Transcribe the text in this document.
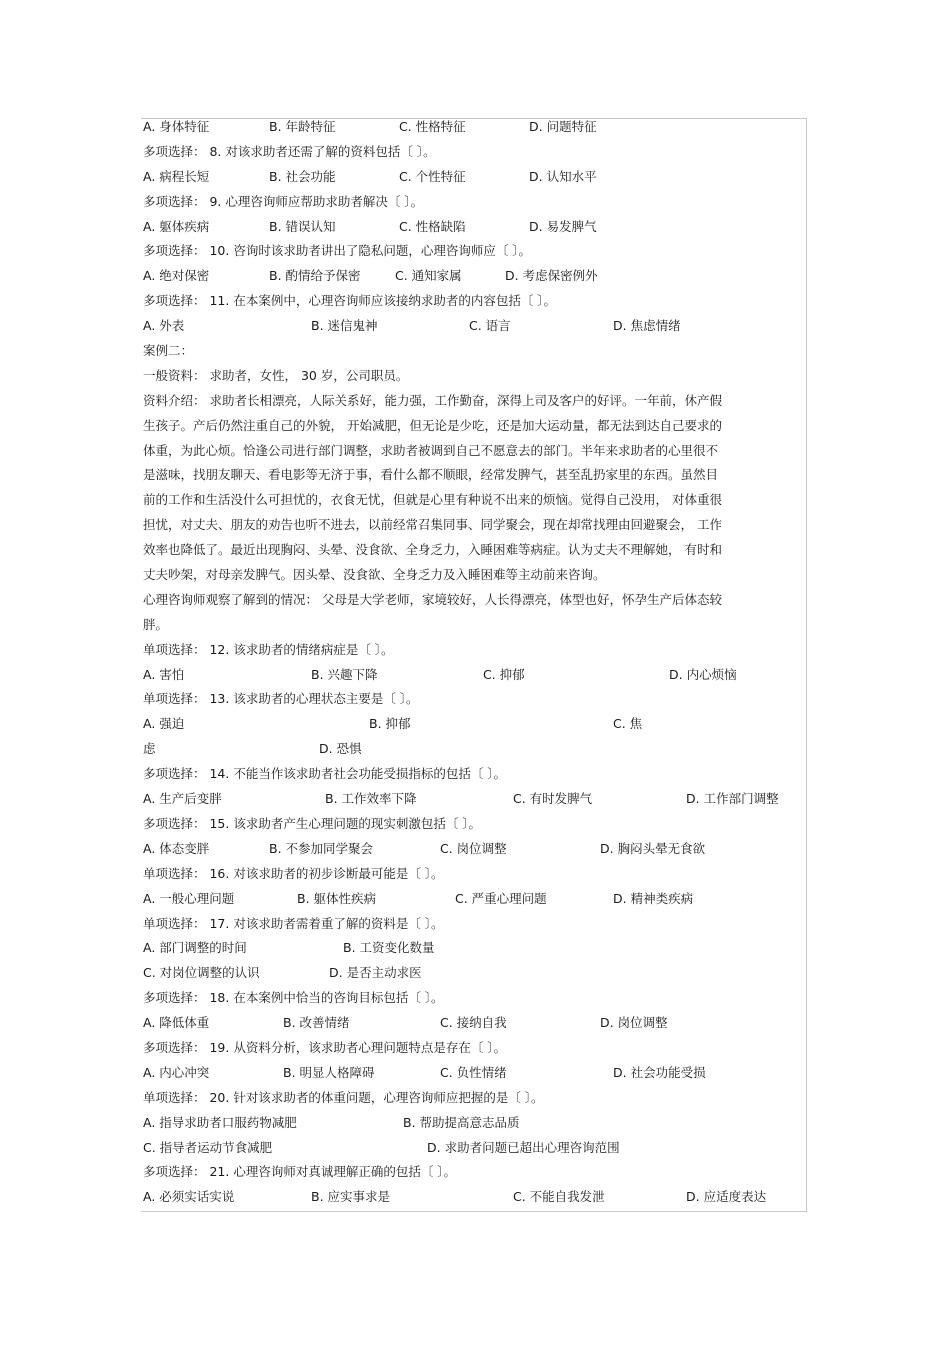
A. 身体特征	B. 年龄特征	C. 性格特征	D. 问题特征
多项选择： 8. 对该求助者还需了解的资料包括〔 〕。
A. 病程长短	B. 社会功能	C. 个性特征	D. 认知水平
多项选择： 9. 心理咨询师应帮助求助者解决〔 〕。
A. 躯体疾病	B. 错误认知	C. 性格缺陷	D. 易发脾气
多项选择： 10. 咨询时该求助者讲出了隐私问题，心理咨询师应〔 〕。
A. 绝对保密	B. 酌情给予保密	C. 通知家属	D. 考虑保密例外
多项选择： 11. 在本案例中，心理咨询师应该接纳求助者的内容包括〔 〕。
A. 外表	B. 迷信鬼神	C. 语言	D. 焦虑情绪
案例二：
一般资料： 求助者，女性， 30 岁，公司职员。
资料介绍： 求助者长相漂亮，人际关系好，能力强，工作勤奋，深得上司及客户的好评。一年前，休产假
生孩子。产后仍然注重自己的外貌， 开始减肥，但无论是少吃，还是加大运动量，都无法到达自己要求的
体重，为此心烦。恰逢公司进行部门调整，求助者被调到自己不愿意去的部门。半年来求助者的心里很不
是滋味，找朋友聊天、看电影等无济于事，看什么都不顺眼，经常发脾气，甚至乱扔家里的东西。虽然目
前的工作和生活没什么可担忧的，衣食无忧，但就是心里有种说不出来的烦恼。觉得自己没用， 对体重很
担忧，对丈夫、朋友的劝告也听不进去，以前经常召集同事、同学聚会，现在却常找理由回避聚会， 工作
效率也降低了。最近出现胸闷、头晕、没食欲、全身乏力，入睡困难等病症。认为丈夫不理解她， 有时和
丈夫吵架，对母亲发脾气。因头晕、没食欲、全身乏力及入睡困难等主动前来咨询。
心理咨询师观察了解到的情况： 父母是大学老师，家境较好，人长得漂亮，体型也好，怀孕生产后体态较
胖。
单项选择： 12. 该求助者的情绪病症是〔 〕。
A. 害怕	B. 兴趣下降	C. 抑郁	D. 内心烦恼
单项选择： 13. 该求助者的心理状态主要是〔 〕。
A. 强迫	B. 抑郁	C. 焦
虑	D. 恐惧
多项选择： 14. 不能当作该求助者社会功能受损指标的包括〔 〕。
A. 生产后变胖	B. 工作效率下降	C. 有时发脾气	D. 工作部门调整
多项选择： 15. 该求助者产生心理问题的现实刺激包括〔 〕。
A. 体态变胖	B. 不参加同学聚会	C. 岗位调整	D. 胸闷头晕无食欲
单项选择： 16. 对该求助者的初步诊断最可能是〔 〕。
A. 一般心理问题	B. 躯体性疾病	C. 严重心理问题	D. 精神类疾病
单项选择： 17. 对该求助者需着重了解的资料是〔 〕。
A. 部门调整的时间	B. 工资变化数量
C. 对岗位调整的认识	D. 是否主动求医
多项选择： 18. 在本案例中恰当的咨询目标包括〔 〕。
A. 降低体重	B. 改善情绪	C. 接纳自我	D. 岗位调整
多项选择： 19. 从资料分析，该求助者心理问题特点是存在〔 〕。
A. 内心冲突	B. 明显人格障碍	C. 负性情绪	D. 社会功能受损
单项选择： 20. 针对该求助者的体重问题，心理咨询师应把握的是〔 〕。
A. 指导求助者口服药物减肥	B. 帮助提高意志品质
C. 指导者运动节食减肥	D. 求助者问题已超出心理咨询范围
多项选择： 21. 心理咨询师对真诚理解正确的包括〔 〕。
A. 必须实话实说	B. 应实事求是	C. 不能自我发泄	D. 应适度表达
